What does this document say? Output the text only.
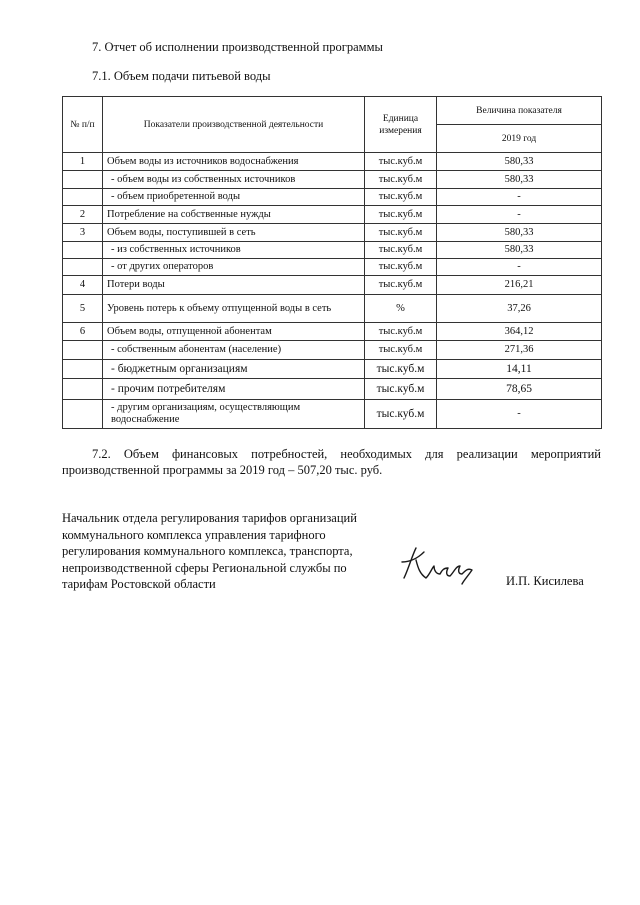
7. Отчет об исполнении производственной программы
7.1. Объем подачи питьевой воды
№ п/п	Показатели производственной деятельности	Единица измерения	Величина показателя
			2019 год
1	Объем воды из источников водоснабжения	тыс.куб.м	580,33
	- объем воды из собственных источников	тыс.куб.м	580,33
	- объем приобретенной воды	тыс.куб.м	-
2	Потребление на собственные нужды	тыс.куб.м	-
3	Объем воды, поступившей в сеть	тыс.куб.м	580,33
	- из собственных источников	тыс.куб.м	580,33
	- от других операторов	тыс.куб.м	-
4	Потери воды	тыс.куб.м	216,21
5	Уровень потерь к объему отпущенной воды в сеть	%	37,26
6	Объем воды, отпущенной абонентам	тыс.куб.м	364,12
	- собственным абонентам (население)	тыс.куб.м	271,36
	- бюджетным организациям	тыс.куб.м	14,11
	- прочим потребителям	тыс.куб.м	78,65
	- другим организациям, осуществляющим водоснабжение	тыс.куб.м	-
7.2. Объем финансовых потребностей, необходимых для реализации мероприятий производственной программы за 2019 год – 507,20 тыс. руб.
Начальник отдела регулирования тарифов организаций коммунального комплекса управления тарифного регулирования коммунального комплекса, транспорта, непроизводственной сферы Региональной службы по тарифам Ростовской области	И.П. Кисилева
